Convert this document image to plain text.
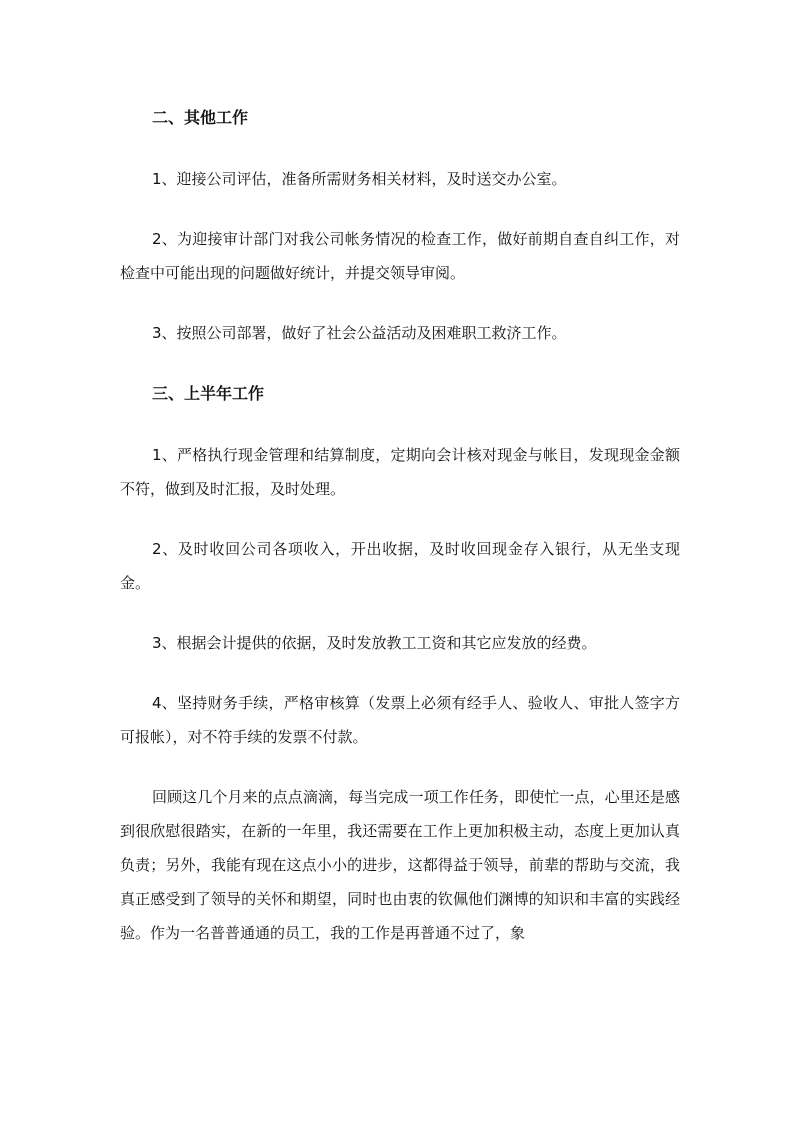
二、其他工作

1、迎接公司评估，准备所需财务相关材料，及时送交办公室。

2、为迎接审计部门对我公司帐务情况的检查工作，做好前期自查自纠工作，对检查中可能出现的问题做好统计，并提交领导审阅。

3、按照公司部署，做好了社会公益活动及困难职工救济工作。

三、上半年工作

1、严格执行现金管理和结算制度，定期向会计核对现金与帐目，发现现金金额不符，做到及时汇报，及时处理。

2、及时收回公司各项收入，开出收据，及时收回现金存入银行，从无坐支现金。

3、根据会计提供的依据，及时发放教工工资和其它应发放的经费。

4、坚持财务手续，严格审核算（发票上必须有经手人、验收人、审批人签字方可报帐），对不符手续的发票不付款。

回顾这几个月来的点点滴滴，每当完成一项工作任务，即使忙一点，心里还是感到很欣慰很踏实，在新的一年里，我还需要在工作上更加积极主动，态度上更加认真负责；另外，我能有现在这点小小的进步，这都得益于领导，前辈的帮助与交流，我真正感受到了领导的关怀和期望，同时也由衷的钦佩他们渊博的知识和丰富的实践经验。作为一名普普通通的员工，我的工作是再普通不过了，象
